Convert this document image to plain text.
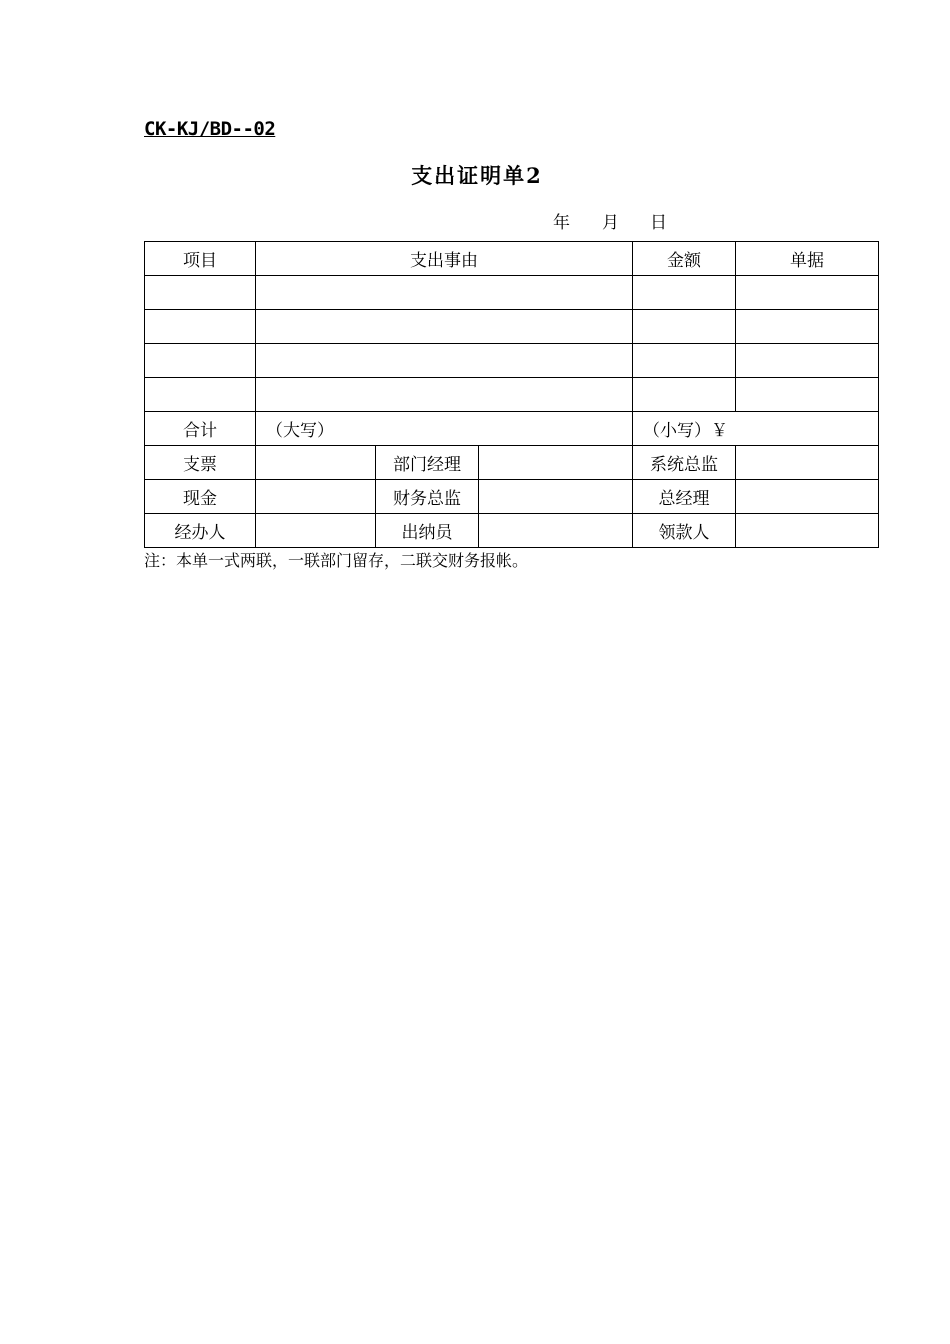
CK-KJ/BD--02
支出证明单2
年 月 日
项目	支出事由			金额	单据

合计	（大写）			（小写）￥	
支票		部门经理		系统总监	
现金		财务总监		总经理	
经办人		出纳员		领款人	
注：本单一式两联，一联部门留存，二联交财务报帐。
